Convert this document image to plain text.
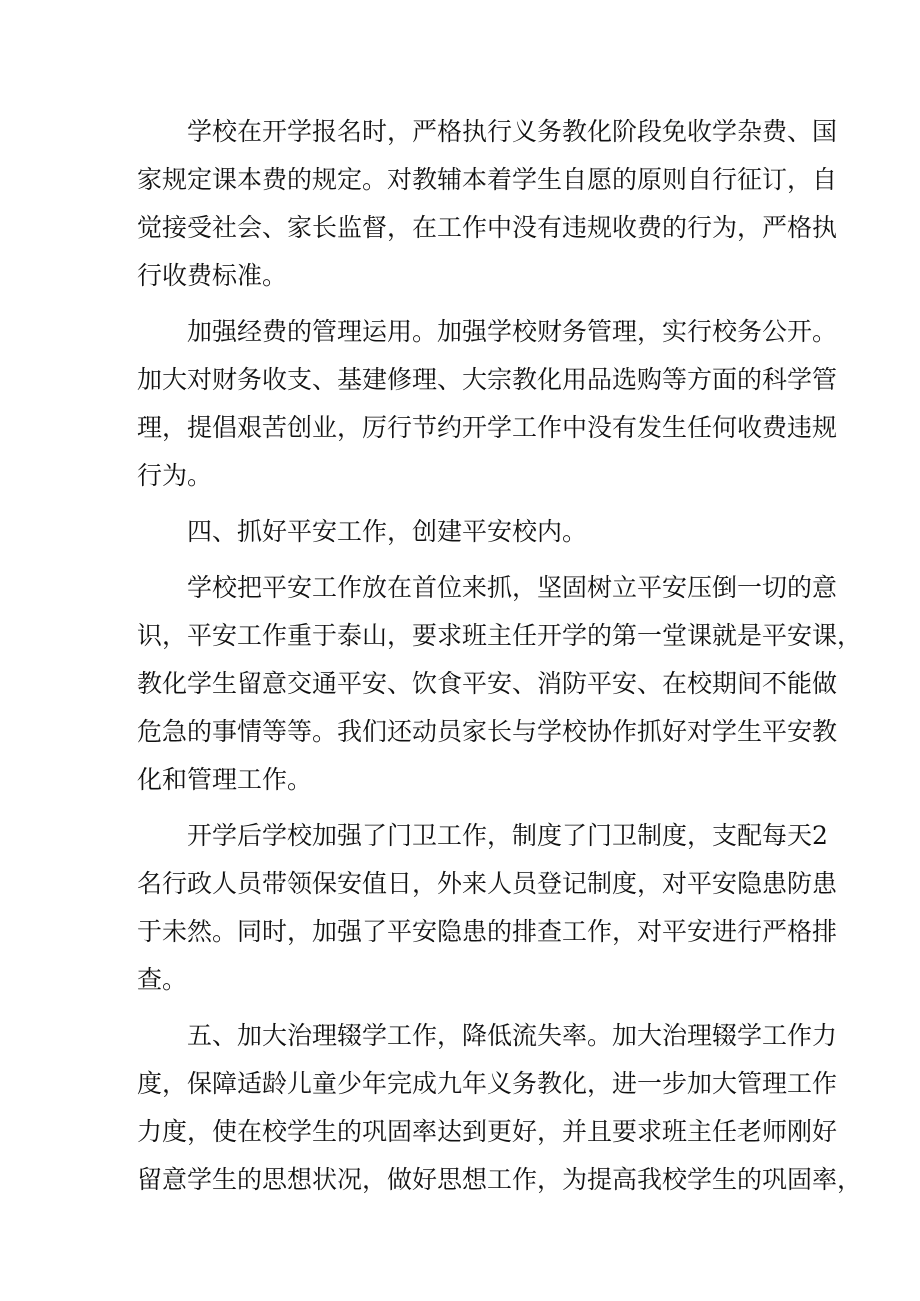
学校在开学报名时，严格执行义务教化阶段免收学杂费、国
家规定课本费的规定。对教辅本着学生自愿的原则自行征订，自
觉接受社会、家长监督，在工作中没有违规收费的行为，严格执
行收费标准。
加强经费的管理运用。加强学校财务管理，实行校务公开。
加大对财务收支、基建修理、大宗教化用品选购等方面的科学管
理，提倡艰苦创业，厉行节约开学工作中没有发生任何收费违规
行为。
四、抓好平安工作，创建平安校内。
学校把平安工作放在首位来抓，坚固树立平安压倒一切的意
识，平安工作重于泰山，要求班主任开学的第一堂课就是平安课，
教化学生留意交通平安、饮食平安、消防平安、在校期间不能做
危急的事情等等。我们还动员家长与学校协作抓好对学生平安教
化和管理工作。
开学后学校加强了门卫工作，制度了门卫制度，支配每天2
名行政人员带领保安值日，外来人员登记制度，对平安隐患防患
于未然。同时，加强了平安隐患的排查工作，对平安进行严格排
查。
五、加大治理辍学工作，降低流失率。加大治理辍学工作力
度，保障适龄儿童少年完成九年义务教化，进一步加大管理工作
力度，使在校学生的巩固率达到更好，并且要求班主任老师刚好
留意学生的思想状况，做好思想工作，为提高我校学生的巩固率，
